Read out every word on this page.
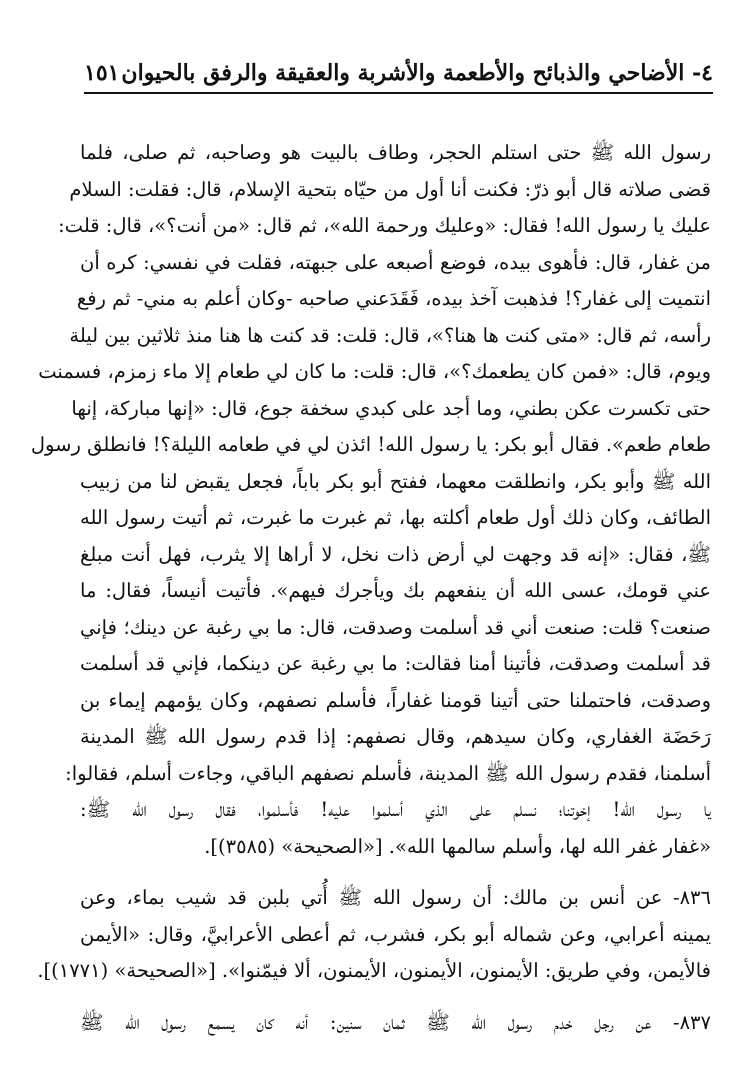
١٥١ ٤- الأضاحي والذبائح والأطعمة والأشربة والعقيقة والرفق بالحيوان
رسول الله ﷺ حتى استلم الحجر، وطاف بالبيت هو وصاحبه، ثم صلى، فلما
قضى صلاته قال أبو ذرّ: فكنت أنا أول من حيّاه بتحية الإسلام، قال: فقلت: السلام
عليك يا رسول الله! فقال: «وعليك ورحمة الله»، ثم قال: «من أنت؟»، قال: قلت:
من غفار، قال: فأهوى بيده، فوضع أصبعه على جبهته، فقلت في نفسي: كره أن
انتميت إلى غفار؟! فذهبت آخذ بيده، فَقَدَعني صاحبه -وكان أعلم به مني- ثم رفع
رأسه، ثم قال: «متى كنت ها هنا؟»، قال: قلت: قد كنت ها هنا منذ ثلاثين بين ليلة
ويوم، قال: «فمن كان يطعمك؟»، قال: قلت: ما كان لي طعام إلا ماء زمزم، فسمنت
حتى تكسرت عكن بطني، وما أجد على كبدي سخفة جوع، قال: «إنها مباركة، إنها
طعام طعم». فقال أبو بكر: يا رسول الله! ائذن لي في طعامه الليلة؟! فانطلق رسول
الله ﷺ وأبو بكر، وانطلقت معهما، ففتح أبو بكر باباً، فجعل يقبض لنا من زبيب
الطائف، وكان ذلك أول طعام أكلته بها، ثم غبرت ما غبرت، ثم أتيت رسول الله
ﷺ، فقال: «إنه قد وجهت لي أرض ذات نخل، لا أراها إلا يثرب، فهل أنت مبلغ
عني قومك، عسى الله أن ينفعهم بك ويأجرك فيهم». فأتيت أنيساً، فقال: ما
صنعت؟ قلت: صنعت أني قد أسلمت وصدقت، قال: ما بي رغبة عن دينك؛ فإني
قد أسلمت وصدقت، فأتينا أمنا فقالت: ما بي رغبة عن دينكما، فإني قد أسلمت
وصدقت، فاحتملنا حتى أتينا قومنا غفاراً، فأسلم نصفهم، وكان يؤمهم إيماء بن
رَحَضَة الغفاري، وكان سيدهم، وقال نصفهم: إذا قدم رسول الله ﷺ المدينة
أسلمنا، فقدم رسول الله ﷺ المدينة، فأسلم نصفهم الباقي، وجاءت أسلم، فقالوا:
يا رسول الله! إخوتنا؛ نسلم على الذي أسلموا عليه! فأسلموا، فقال رسول الله ﷺ:
«غفار غفر الله لها، وأسلم سالمها الله». [«الصحيحة» (٣٥٨٥)].
٨٣٦- عن أنس بن مالك: أن رسول الله ﷺ أُتي بلبن قد شيب بماء، وعن
يمينه أعرابي، وعن شماله أبو بكر، فشرب، ثم أعطى الأعرابيَّ، وقال: «الأيمن
فالأيمن، وفي طريق: الأيمنون، الأيمنون، الأيمنون، ألا فيمّنوا». [«الصحيحة» (١٧٧١)].
٨٣٧- عن رجل خدم رسول الله ﷺ ثمان سنين: أنه كان يسمع رسول الله ﷺ
